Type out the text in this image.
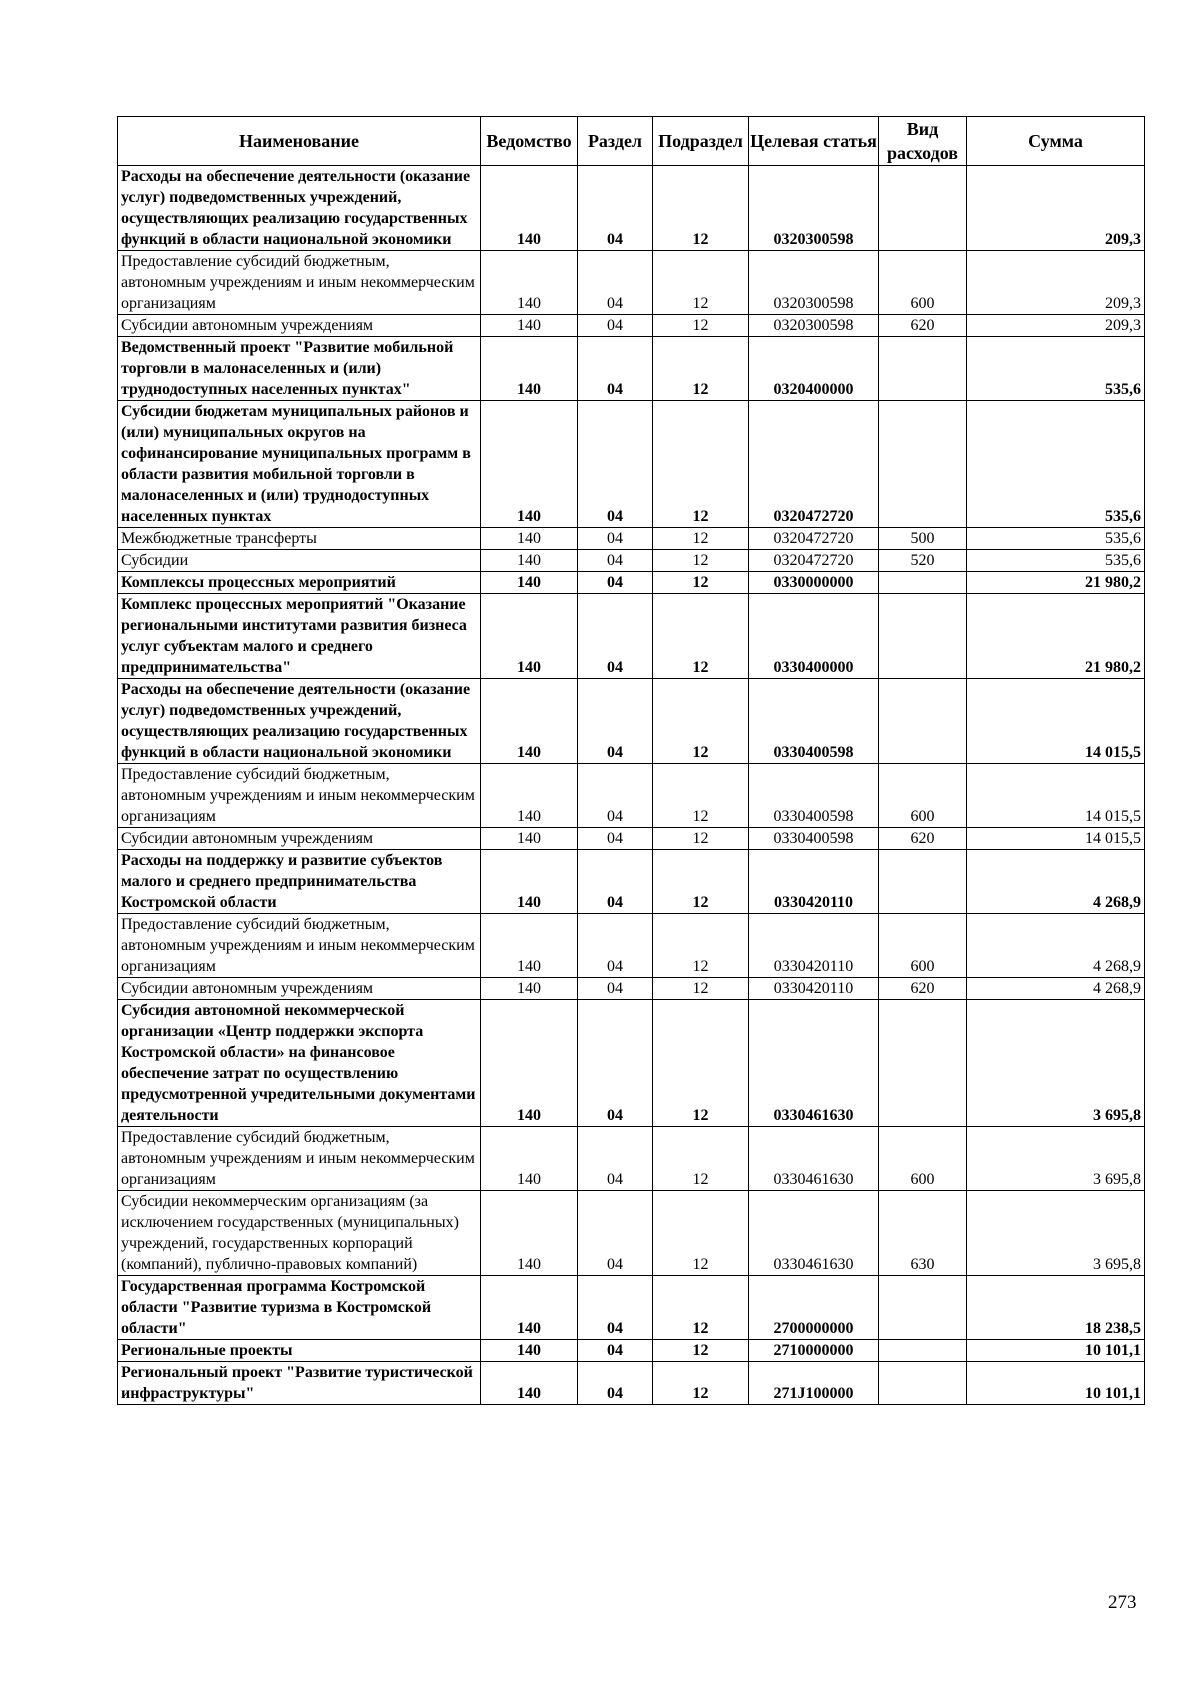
Наименование	Ведомство	Раздел	Подраздел	Целевая статья	Вид расходов	Сумма
Расходы на обеспечение деятельности (оказание услуг) подведомственных учреждений, осуществляющих реализацию государственных функций в области национальной экономики	140	04	12	0320300598		209,3
Предоставление субсидий бюджетным, автономным учреждениям и иным некоммерческим организациям	140	04	12	0320300598	600	209,3
Субсидии автономным учреждениям	140	04	12	0320300598	620	209,3
Ведомственный проект "Развитие мобильной торговли в малонаселенных и (или) труднодоступных населенных пунктах"	140	04	12	0320400000		535,6
Субсидии бюджетам муниципальных районов и (или) муниципальных округов на софинансирование муниципальных программ в области развития мобильной торговли в малонаселенных и (или) труднодоступных населенных пунктах	140	04	12	0320472720		535,6
Межбюджетные трансферты	140	04	12	0320472720	500	535,6
Субсидии	140	04	12	0320472720	520	535,6
Комплексы процессных мероприятий	140	04	12	0330000000		21 980,2
Комплекс процессных мероприятий "Оказание региональными институтами развития бизнеса услуг субъектам малого и среднего предпринимательства"	140	04	12	0330400000		21 980,2
Расходы на обеспечение деятельности (оказание услуг) подведомственных учреждений, осуществляющих реализацию государственных функций в области национальной экономики	140	04	12	0330400598		14 015,5
Предоставление субсидий бюджетным, автономным учреждениям и иным некоммерческим организациям	140	04	12	0330400598	600	14 015,5
Субсидии автономным учреждениям	140	04	12	0330400598	620	14 015,5
Расходы на поддержку и развитие субъектов малого и среднего предпринимательства Костромской области	140	04	12	0330420110		4 268,9
Предоставление субсидий бюджетным, автономным учреждениям и иным некоммерческим организациям	140	04	12	0330420110	600	4 268,9
Субсидии автономным учреждениям	140	04	12	0330420110	620	4 268,9
Субсидия автономной некоммерческой организации «Центр поддержки экспорта Костромской области» на финансовое обеспечение затрат по осуществлению предусмотренной учредительными документами деятельности	140	04	12	0330461630		3 695,8
Предоставление субсидий бюджетным, автономным учреждениям и иным некоммерческим организациям	140	04	12	0330461630	600	3 695,8
Субсидии некоммерческим организациям (за исключением государственных (муниципальных) учреждений, государственных корпораций (компаний), публично-правовых компаний)	140	04	12	0330461630	630	3 695,8
Государственная программа Костромской области "Развитие туризма в Костромской области"	140	04	12	2700000000		18 238,5
Региональные проекты	140	04	12	2710000000		10 101,1
Региональный проект "Развитие туристической инфраструктуры"	140	04	12	271J100000		10 101,1
273
